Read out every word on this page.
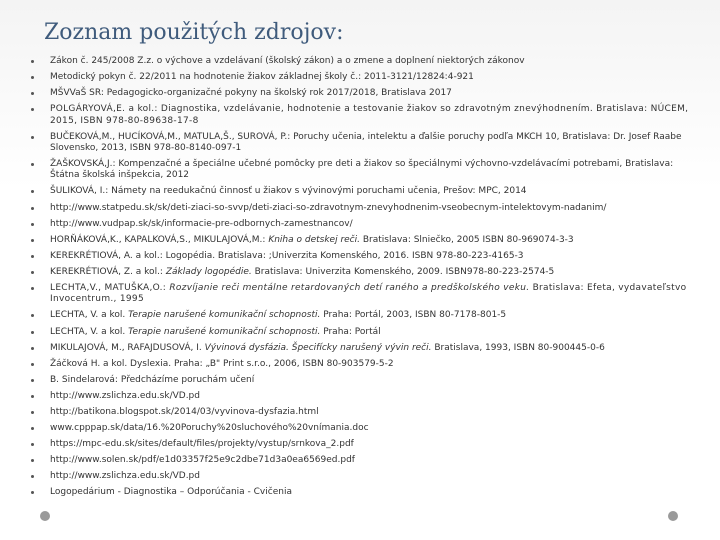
Zoznam použitých zdrojov:
Zákon č. 245/2008 Z.z. o výchove a vzdelávaní (školský zákon) a o zmene a doplnení niektorých zákonov
Metodický pokyn č. 22/2011 na hodnotenie žiakov základnej školy č.: 2011-3121/12824:4-921
MŠVVaŠ SR: Pedagogicko-organizačné pokyny na školský rok 2017/2018, Bratislava 2017
POLGÁRYOVÁ,E. a kol.: Diagnostika, vzdelávanie, hodnotenie a testovanie žiakov so zdravotným znevýhodnením. Bratislava: NÚCEM, 2015, ISBN 978-80-89638-17-8
BUČEKOVÁ,M., HUCÍKOVÁ,M., MATULA,Š., SUROVÁ, P.: Poruchy učenia, intelektu a ďalšie poruchy podľa MKCH 10, Bratislava: Dr. Josef Raabe Slovensko, 2013, ISBN 978-80-8140-097-1
ŽAŠKOVSKÁ,J.: Kompenzačné a špeciálne učebné pomôcky pre deti a žiakov so špeciálnymi výchovno-vzdelávacími potrebami, Bratislava: Štátna školská inšpekcia, 2012
ŠULIKOVÁ, I.: Námety na reedukačnú činnosť u žiakov s vývinovými poruchami učenia, Prešov: MPC, 2014
http://www.statpedu.sk/sk/deti-ziaci-so-svvp/deti-ziaci-so-zdravotnym-znevyhodnenim-vseobecnym-intelektovym-nadanim/
http://www.vudpap.sk/sk/informacie-pre-odbornych-zamestnancov/
HORŇÁKOVÁ,K., KAPALKOVÁ,S., MIKULAJOVÁ,M.: Kniha o detskej reči. Bratislava: Slniečko, 2005 ISBN 80-969074-3-3
KEREKRÉTIOVÁ, A. a kol.: Logopédia. Bratislava: ;Univerzita Komenského, 2016. ISBN 978-80-223-4165-3
KEREKRÉTIOVÁ, Z. a kol.: Základy logopédie. Bratislava: Univerzita Komenského, 2009. ISBN978-80-223-2574-5
LECHTA,V., MATUŠKA,O.: Rozvíjanie reči mentálne retardovaných detí raného a predškolského veku. Bratislava: Efeta, vydavateľstvo Invocentrum., 1995
LECHTA, V. a kol. Terapie narušené komunikační schopnosti. Praha: Portál, 2003, ISBN 80-7178-801-5
LECHTA, V. a kol. Terapie narušené komunikační schopnosti. Praha: Portál
MIKULAJOVÁ, M., RAFAJDUSOVÁ, I. Vývinová dysfázia. Špecifícky narušený vývin reči. Bratislava, 1993, ISBN 80-900445-0-6
Žáčková H. a kol. Dyslexia. Praha: „B" Print s.r.o., 2006, ISBN 80-903579-5-2
B. Sindelarová: Předcházíme poruchám učení
http://www.zslichza.edu.sk/VD.pd
http://batikona.blogspot.sk/2014/03/vyvinova-dysfazia.html
www.cpppap.sk/data/16.%20Poruchy%20sluchového%20vnímania.doc
https://mpc-edu.sk/sites/default/files/projekty/vystup/srnkova_2.pdf
http://www.solen.sk/pdf/e1d03357f25e9c2dbe71d3a0ea6569ed.pdf
http://www.zslichza.edu.sk/VD.pd
Logopedárium - Diagnostika – Odporúčania - Cvičenia
